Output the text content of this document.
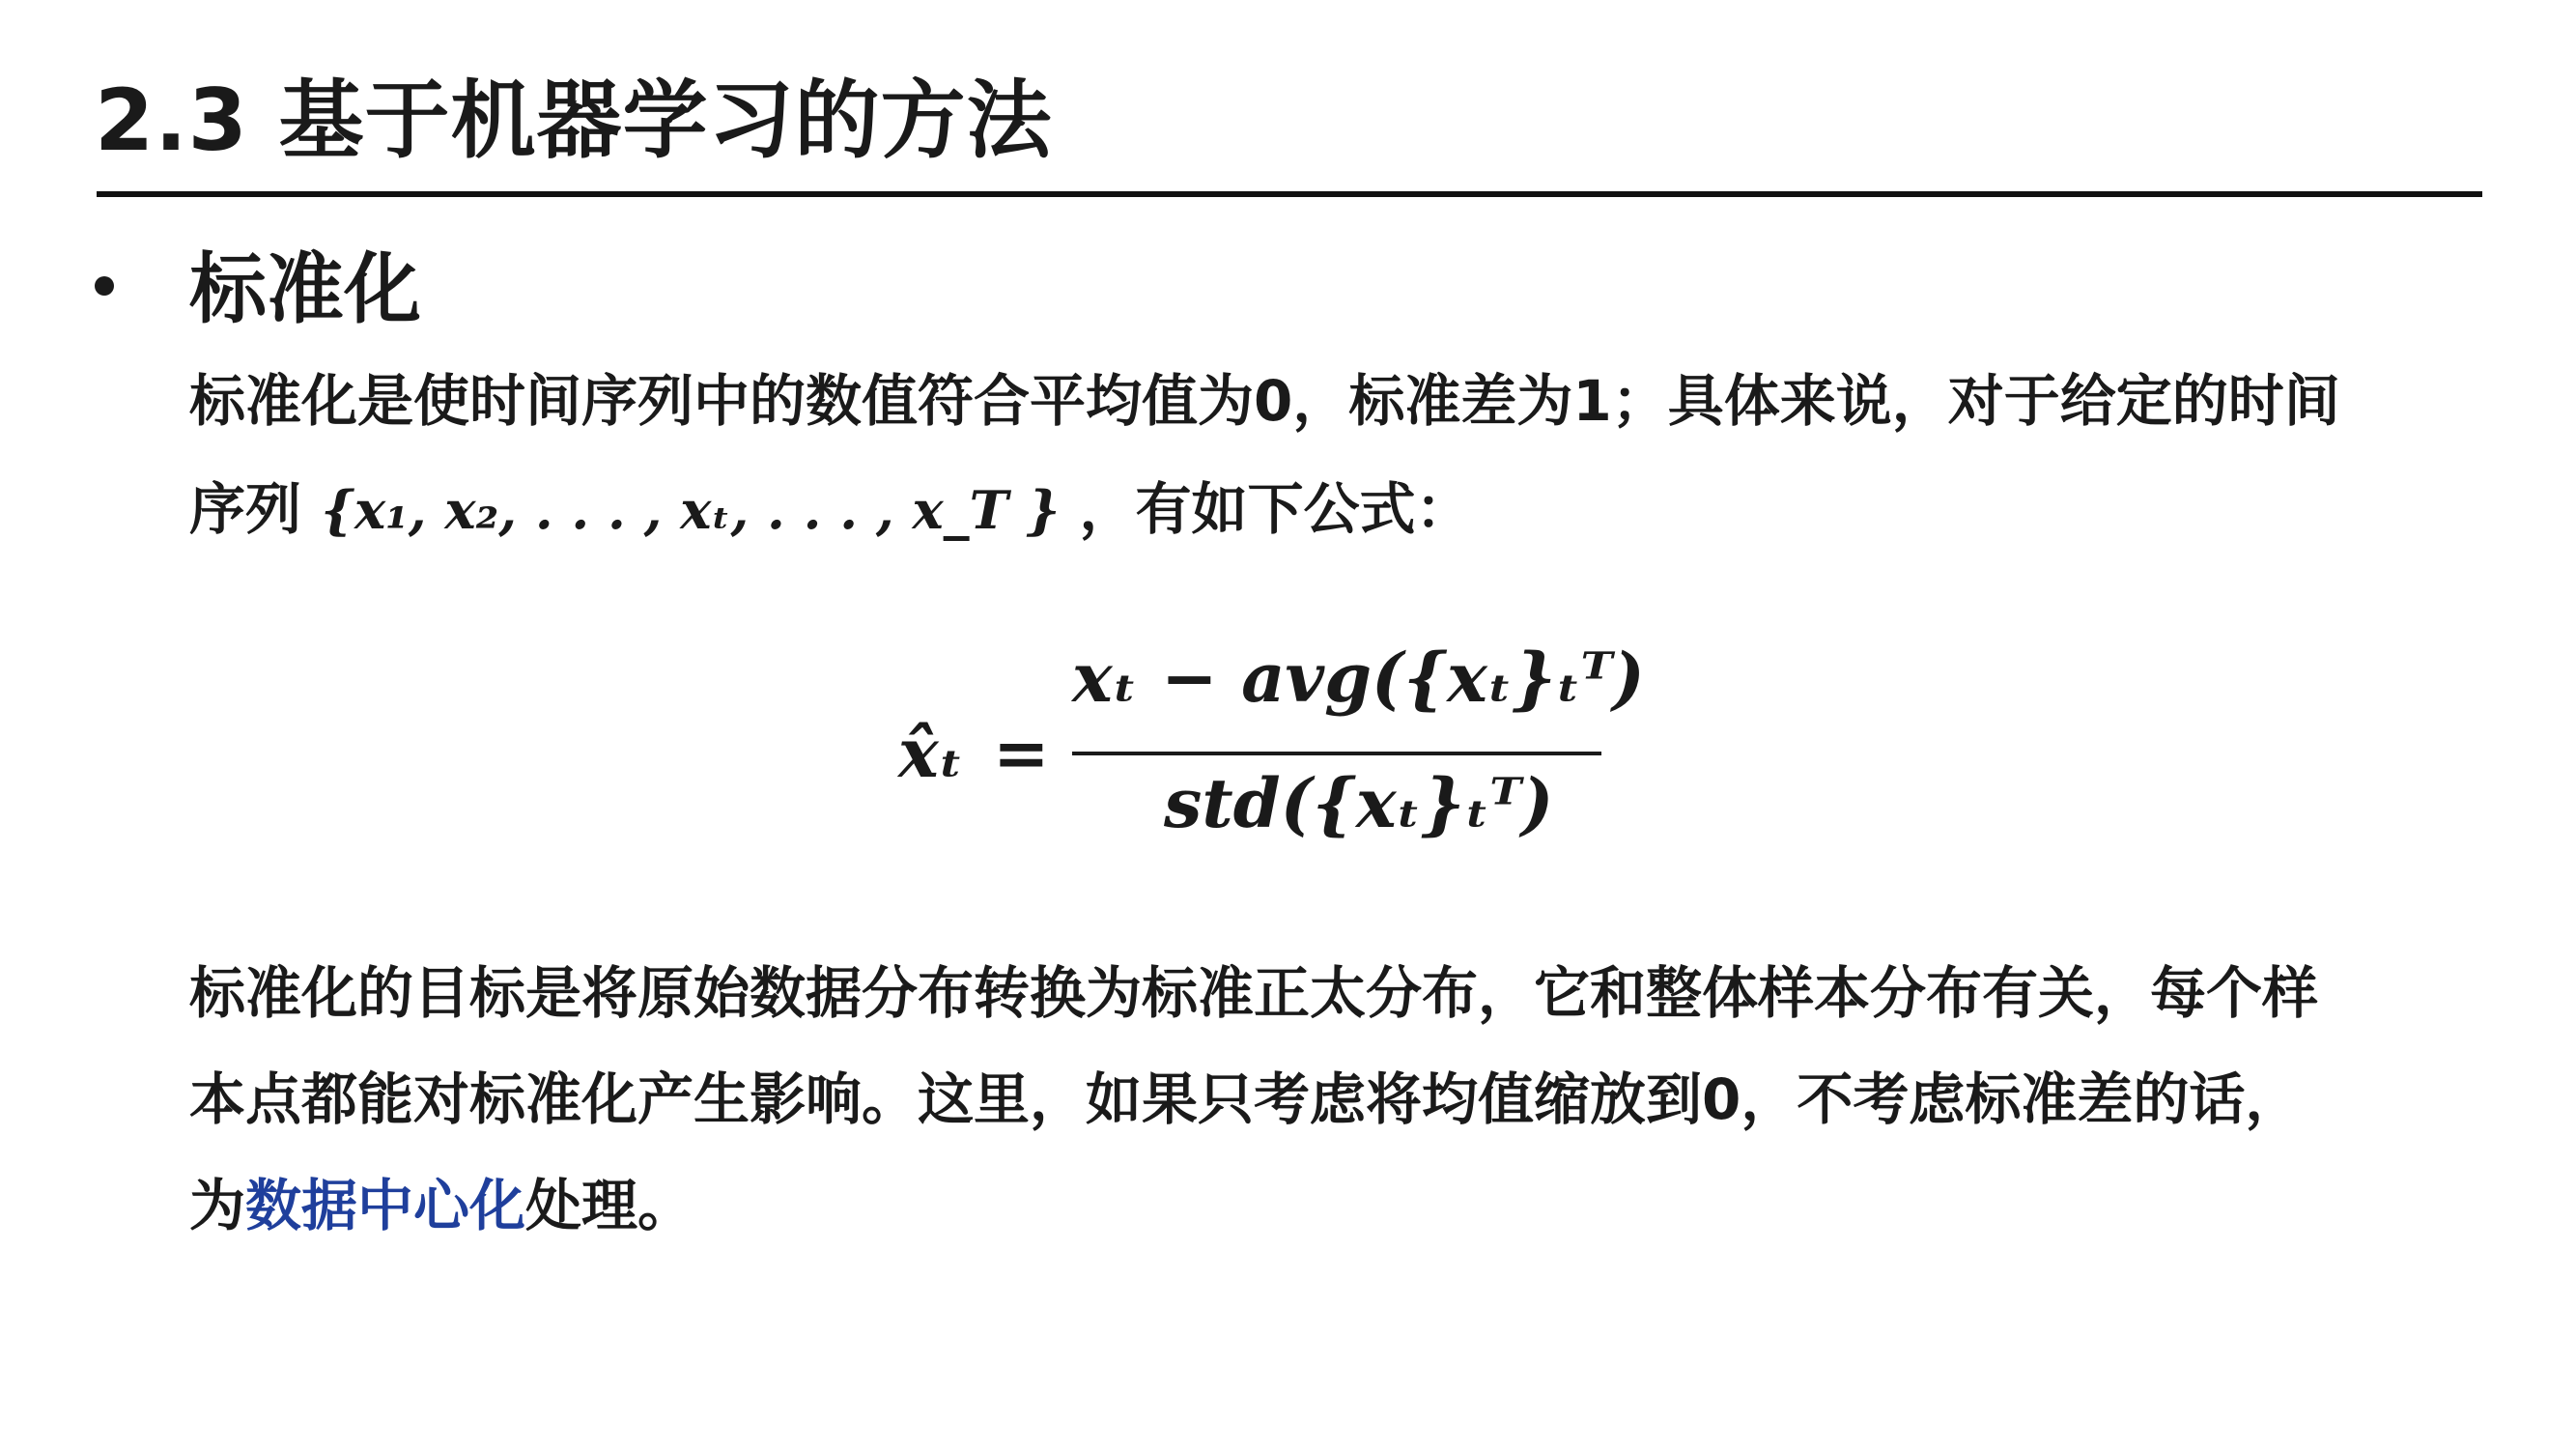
2.3 基于机器学习的方法
标准化
标准化是使时间序列中的数值符合平均值为0，标准差为1；具体来说，对于给定的时间
序列 {x₁, x₂, . . . , xₜ, . . . , x_T } ，有如下公式：
x̂ₜ =
xₜ − avg({xₜ}ₜᵀ)
std({xₜ}ₜᵀ)
标准化的目标是将原始数据分布转换为标准正太分布，它和整体样本分布有关，每个样
本点都能对标准化产生影响。这里，如果只考虑将均值缩放到0，不考虑标准差的话，
为数据中心化处理。
